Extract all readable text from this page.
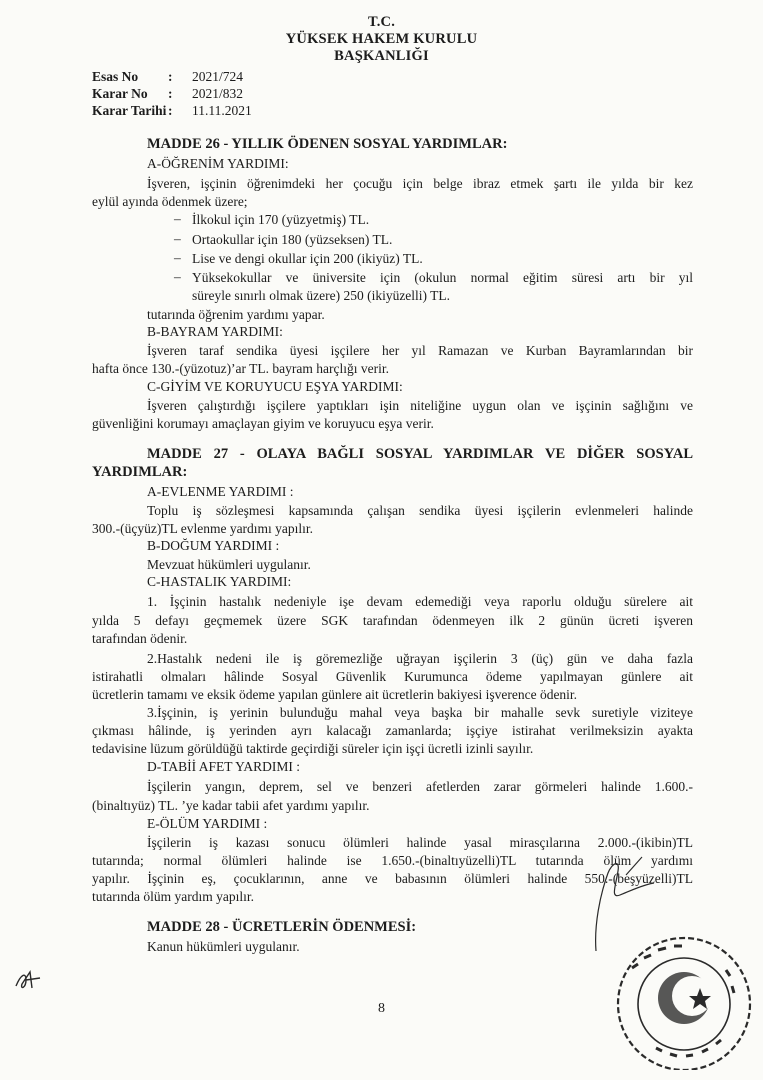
T.C.
YÜKSEK HAKEM KURULU
BAŞKANLIĞI
Esas No : 2021/724
Karar No : 2021/832
Karar Tarihi : 11.11.2021
MADDE 26 - YILLIK ÖDENEN SOSYAL YARDIMLAR:
A-ÖĞRENİM YARDIMI:
İşveren, işçinin öğrenimdeki her çocuğu için belge ibraz etmek şartı ile yılda bir kez
eylül ayında ödenmek üzere;
– İlkokul için 170 (yüzyetmiş) TL.
– Ortaokullar için 180 (yüzseksen) TL.
– Lise ve dengi okullar için 200 (ikiyüz) TL.
– Yüksekokullar ve üniversite için (okulun normal eğitim süresi artı bir yıl
süreyle sınırlı olmak üzere) 250 (ikiyüzelli) TL.
tutarında öğrenim yardımı yapar.
B-BAYRAM YARDIMI:
İşveren taraf sendika üyesi işçilere her yıl Ramazan ve Kurban Bayramlarından bir
hafta önce 130.-(yüzotuz)’ar TL. bayram harçlığı verir.
C-GİYİM VE KORUYUCU EŞYA YARDIMI:
İşveren çalıştırdığı işçilere yaptıkları işin niteliğine uygun olan ve işçinin sağlığını ve
güvenliğini korumayı amaçlayan giyim ve koruyucu eşya verir.
MADDE 27 - OLAYA BAĞLI SOSYAL YARDIMLAR VE DİĞER SOSYAL
YARDIMLAR:
A-EVLENME YARDIMI :
Toplu iş sözleşmesi kapsamında çalışan sendika üyesi işçilerin evlenmeleri halinde
300.-(üçyüz)TL evlenme yardımı yapılır.
B-DOĞUM YARDIMI :
Mevzuat hükümleri uygulanır.
C-HASTALIK YARDIMI:
1. İşçinin hastalık nedeniyle işe devam edemediği veya raporlu olduğu sürelere ait
yılda 5 defayı geçmemek üzere SGK tarafından ödenmeyen ilk 2 günün ücreti işveren
tarafından ödenir.
2.Hastalık nedeni ile iş göremezliğe uğrayan işçilerin 3 (üç) gün ve daha fazla
istirahatli olmaları hâlinde Sosyal Güvenlik Kurumunca ödeme yapılmayan günlere ait
ücretlerin tamamı ve eksik ödeme yapılan günlere ait ücretlerin bakiyesi işverence ödenir.
3.İşçinin, iş yerinin bulunduğu mahal veya başka bir mahalle sevk suretiyle viziteye
çıkması hâlinde, iş yerinden ayrı kalacağı zamanlarda; işçiye istirahat verilmeksizin ayakta
tedavisine lüzum görüldüğü taktirde geçirdiği süreler için işçi ücretli izinli sayılır.
D-TABİİ AFET YARDIMI :
İşçilerin yangın, deprem, sel ve benzeri afetlerden zarar görmeleri halinde 1.600.-
(binaltıyüz) TL. ’ye kadar tabii afet yardımı yapılır.
E-ÖLÜM YARDIMI :
İşçilerin iş kazası sonucu ölümleri halinde yasal mirasçılarına 2.000.-(ikibin)TL
tutarında; normal ölümleri halinde ise 1.650.-(binaltıyüzelli)TL tutarında ölüm yardımı
yapılır. İşçinin eş, çocuklarının, anne ve babasının ölümleri halinde 550.-(beşyüzelli)TL
tutarında ölüm yardım yapılır.
MADDE 28 - ÜCRETLERİN ÖDENMESİ:
Kanun hükümleri uygulanır.
8
